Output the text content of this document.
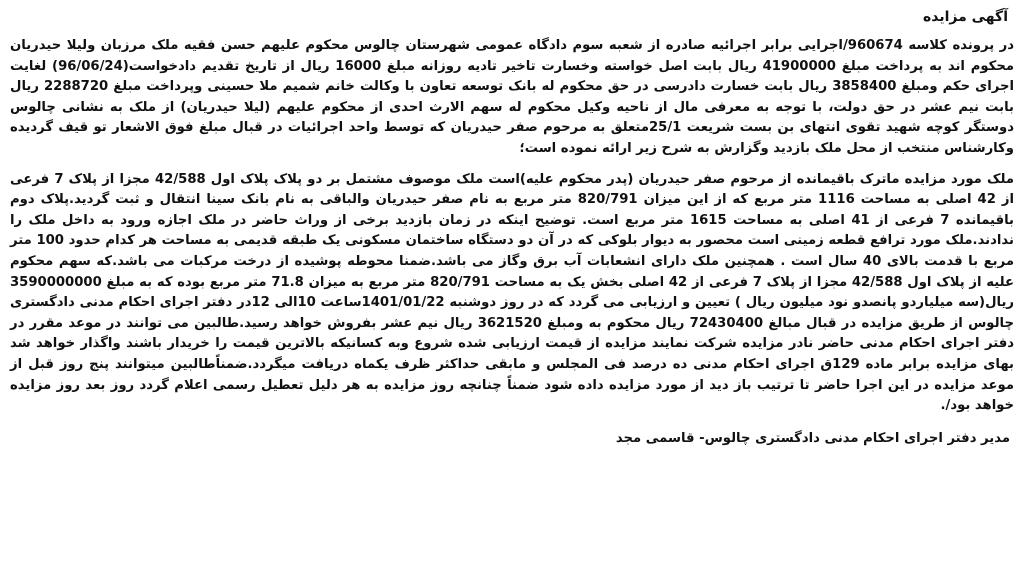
آگهی مزایده

در پرونده کلاسه 960674/اجرایی برابر اجرائیه صادره از شعبه سوم دادگاه عمومی شهرستان چالوس محکوم علیهم حسن فقیه ملک مرزبان ولیلا حیدریان محکوم اند به پرداخت مبلغ 41900000 ریال بابت اصل خواسته وخسارت تاخیر تادیه روزانه مبلغ 16000 ریال از تاریخ تقدیم دادخواست(96/06/24) لغایت اجرای حکم ومبلغ 3858400 ریال بابت خسارت دادرسی در حق محکوم له بانک توسعه تعاون با وکالت خانم شمیم ملا حسینی وپرداخت مبلغ 2288720 ریال بابت نیم عشر در حق دولت، با توجه به معرفی مال از ناحیه وکیل محکوم له سهم الارث احدی از محکوم علیهم (لیلا حیدریان) از ملک به نشانی چالوس دوستگر کوچه شهید تقوی انتهای بن بست شریعت 25/1متعلق به مرحوم صفر حیدریان که توسط واحد اجرائیات در قبال مبلغ فوق الاشعار تو قیف گردیده وکارشناس منتخب از محل ملک بازدید وگزارش به شرح زیر ارائه نموده است؛

ملک مورد مزایده ماترک باقیمانده از مرحوم صفر حیدریان (پدر محکوم علیه)است ملک موصوف مشتمل بر دو پلاک پلاک اول 42/588 مجزا از پلاک 7 فرعی از 42 اصلی به مساحت 1116 متر مربع که از این میزان 820/791 متر مربع به نام صفر حیدریان والباقی به نام بانک سینا انتقال و ثبت گردید.پلاک دوم باقیمانده 7 فرعی از 41 اصلی به مساحت 1615 متر مربع است. توضیح اینکه در زمان بازدید برخی از وراث حاضر در ملک اجازه ورود به داخل ملک را ندادند.ملک مورد ترافع قطعه زمینی است محصور به دیوار بلوکی که در آن دو دستگاه ساختمان مسکونی یک طبقه قدیمی به مساحت هر کدام حدود 100 متر مربع با قدمت بالای 40 سال است . همچنین ملک دارای انشعابات آب برق وگاز می باشد.ضمنا محوطه پوشیده از درخت مرکبات می باشد.که سهم محکوم علیه از پلاک اول 42/588 مجزا از پلاک 7 فرعی از 42 اصلی بخش یک به مساحت 820/791 متر مربع به میزان 71.8 متر مربع بوده که به مبلغ 3590000000 ریال(سه میلیاردو پانصدو نود میلیون ریال ) تعیین و ارزیابی می گردد که در روز دوشنبه 1401/01/22ساعت 10الی 12در دفتر اجرای احکام مدنی دادگستری چالوس از طریق مزایده در قبال مبالغ 72430400 ریال محکوم به ومبلغ 3621520 ریال نیم عشر بفروش خواهد رسید.طالبین می توانند در موعد مقرر در دفتر اجرای احکام مدنی حاضر نادر مزایده شرکت نمایند مزایده از قیمت ارزیابی شده شروع وبه کسانیکه بالاترین قیمت را خریدار باشند واگذار خواهد شد بهای مزایده برابر ماده 129ق اجرای احکام مدنی ده درصد فی المجلس و مابقی حداکثر ظرف یکماه دریافت میگردد.ضمناًطالبین میتوانند پنج روز قبل از موعد مزایده در این اجرا حاضر تا ترتیب باز دید از مورد مزایده داده شود ضمناً چنانچه روز مزایده به هر دلیل تعطیل رسمی اعلام گردد روز بعد روز مزایده خواهد بود/.

مدیر دفتر اجرای احکام مدنی دادگستری چالوس- قاسمی مجد
